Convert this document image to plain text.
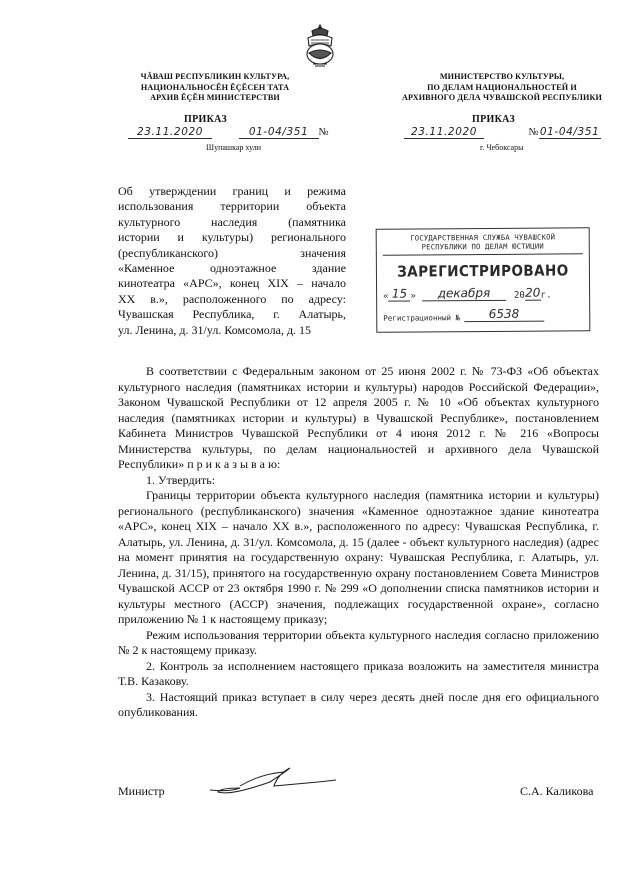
ЧĂВАШ РЕСПУБЛИКИН КУЛЬТУРА,
НАЦИОНАЛЬНОСĔН ĔÇĔСЕН ТАТА
АРХИВ ĔÇĔН МИНИСТЕРСТВИ
МИНИСТЕРСТВО КУЛЬТУРЫ,
ПО ДЕЛАМ НАЦИОНАЛЬНОСТЕЙ И
АРХИВНОГО ДЕЛА ЧУВАШСКОЙ РЕСПУБЛИКИ
ПРИКАЗ	ПРИКАЗ
23.11.2020	01-04/351 №	23.11.2020	№01-04/351
Шупашкар хули	г. Чебоксары
Об утверждении границ и режима
использования территории объекта
культурного наследия (памятника
истории и культуры) регионального
(республиканского) значения
«Каменное одноэтажное здание
кинотеатра «АРС», конец XIX – начало
XX в.», расположенного по адресу:
Чувашская Республика, г. Алатырь,
ул. Ленина, д. 31/ул. Комсомола, д. 15
ГОСУДАРСТВЕННАЯ СЛУЖБА ЧУВАШСКОЙ
РЕСПУБЛИКИ ПО ДЕЛАМ ЮСТИЦИИ
ЗАРЕГИСТРИРОВАНО
« 15 »	декабря	20 20 г.
Регистрационный №	6538

В соответствии с Федеральным законом от 25 июня 2002 г. № 73-ФЗ «Об объектах культурного наследия (памятниках истории и культуры) народов Российской Федерации», Законом Чувашской Республики от 12 апреля 2005 г. № 10 «Об объектах культурного наследия (памятниках истории и культуры) в Чувашской Республике», постановлением Кабинета Министров Чувашской Республики от 4 июня 2012 г. № 216 «Вопросы Министерства культуры, по делам национальностей и архивного дела Чувашской Республики» п р и к а з ы в а ю:

1. Утвердить:

Границы территории объекта культурного наследия (памятника истории и культуры) регионального (республиканского) значения «Каменное одноэтажное здание кинотеатра «АРС», конец XIX – начало XX в.», расположенного по адресу: Чувашская Республика, г. Алатырь, ул. Ленина, д. 31/ул. Комсомола, д. 15 (далее - объект культурного наследия) (адрес на момент принятия на государственную охрану: Чувашская Республика, г. Алатырь, ул. Ленина, д. 31/15), принятого на государственную охрану постановлением Совета Министров Чувашской АССР от 23 октября 1990 г. № 299 «О дополнении списка памятников истории и культуры местного (АССР) значения, подлежащих государственной охране», согласно приложению № 1 к настоящему приказу;

Режим использования территории объекта культурного наследия согласно приложению № 2 к настоящему приказу.

2. Контроль за исполнением настоящего приказа возложить на заместителя министра Т.В. Казакову.

3. Настоящий приказ вступает в силу через десять дней после дня его официального опубликования.

Министр	С.А. Каликова
